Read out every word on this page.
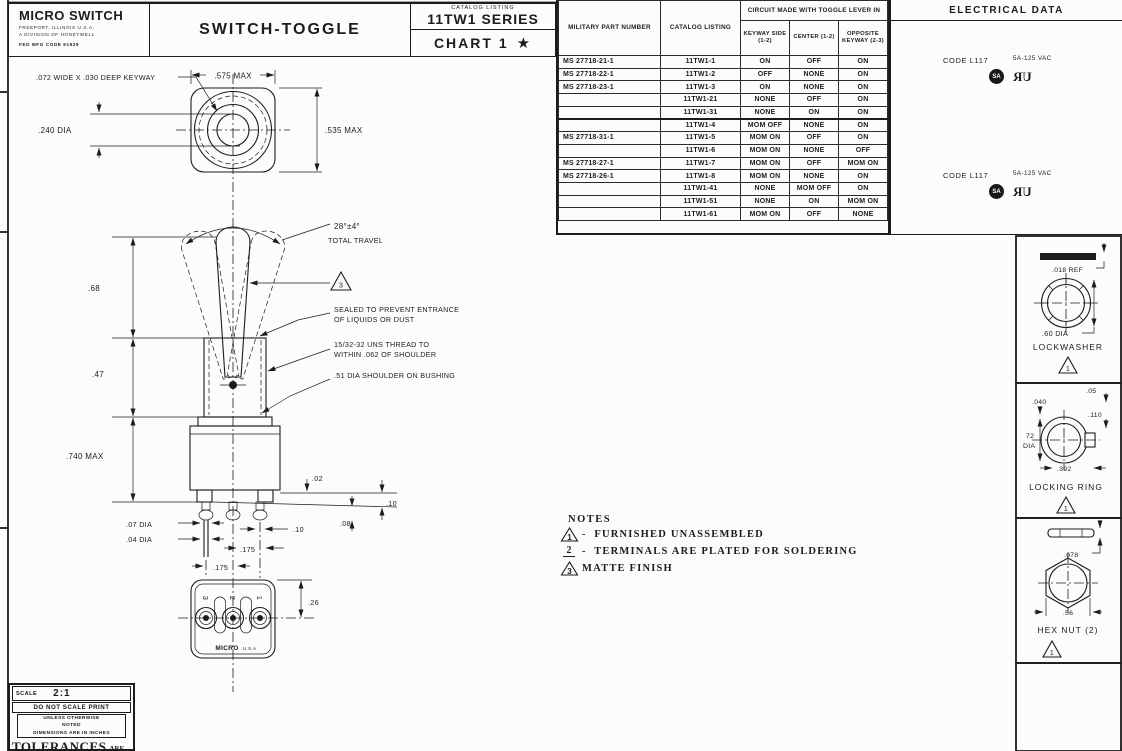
.575 MAX
.535 MAX
.240 DIA
.072 WIDE X .030 DEEP KEYWAY
28°±4°
TOTAL TRAVEL
3
SEALED TO PREVENT ENTRANCE
OF LIQUIDS OR DUST
15/32-32 UNS THREAD TO
WITHIN .062 OF SHOULDER
.51 DIA SHOULDER ON BUSHING
.02
.10
.08
.07 DIA
.04 DIA
.10
.175
.175
.68
.47
.740 MAX
3 2 1
MICRO U.S.A
.26
.018 REF
.60 DIA
LOCKWASHER
1
.05
.040
.110
72
DIA
.392
LOCKING RING
1
.078
.56
HEX NUT (2)
1
MICRO SWITCH
FREEPORT, ILLINOIS U.S.A.
A DIVISION OF HONEYWELL
FED MFG CODE 91929
SWITCH-TOGGLE
CATALOG LISTING
11TW1 SERIES
CHART 1 ★
MILITARY PART NUMBER	CATALOG LISTING	CIRCUIT MADE WITH TOGGLE LEVER IN		
		KEYWAY SIDE (1-2)	CENTER (1-2)	OPPOSITE KEYWAY (2-3)
MS 27718-21-1	11TW1-1	ON	OFF	ON
MS 27718-22-1	11TW1-2	OFF	NONE	ON
MS 27718-23-1	11TW1-3	ON	NONE	ON
	11TW1-21	NONE	OFF	ON
	11TW1-31	NONE	ON	ON
	11TW1-4	MOM OFF	NONE	ON
MS 27718-31-1	11TW1-5	MOM ON	OFF	ON
	11TW1-6	MOM ON	NONE	OFF
MS 27718-27-1	11TW1-7	MOM ON	OFF	MOM ON
MS 27718-26-1	11TW1-8	MOM ON	NONE	ON
	11TW1-41	NONE	MOM OFF	ON
	11TW1-51	NONE	ON	MOM ON
	11TW1-61	MOM ON	OFF	NONE
ELECTRICAL DATA
CODE L117	5A-125 VAC
SA UR
CODE L117	5A-125 VAC
SA UR
NOTES
1 -  FURNISHED UNASSEMBLED
2	-  TERMINALS ARE PLATED FOR SOLDERING
3 MATTE FINISH
SCALE 2:1
DO NOT SCALE PRINT
UNLESS OTHERWISE
NOTED
DIMENSIONS ARE IN INCHES
TOLERANCES ARE
